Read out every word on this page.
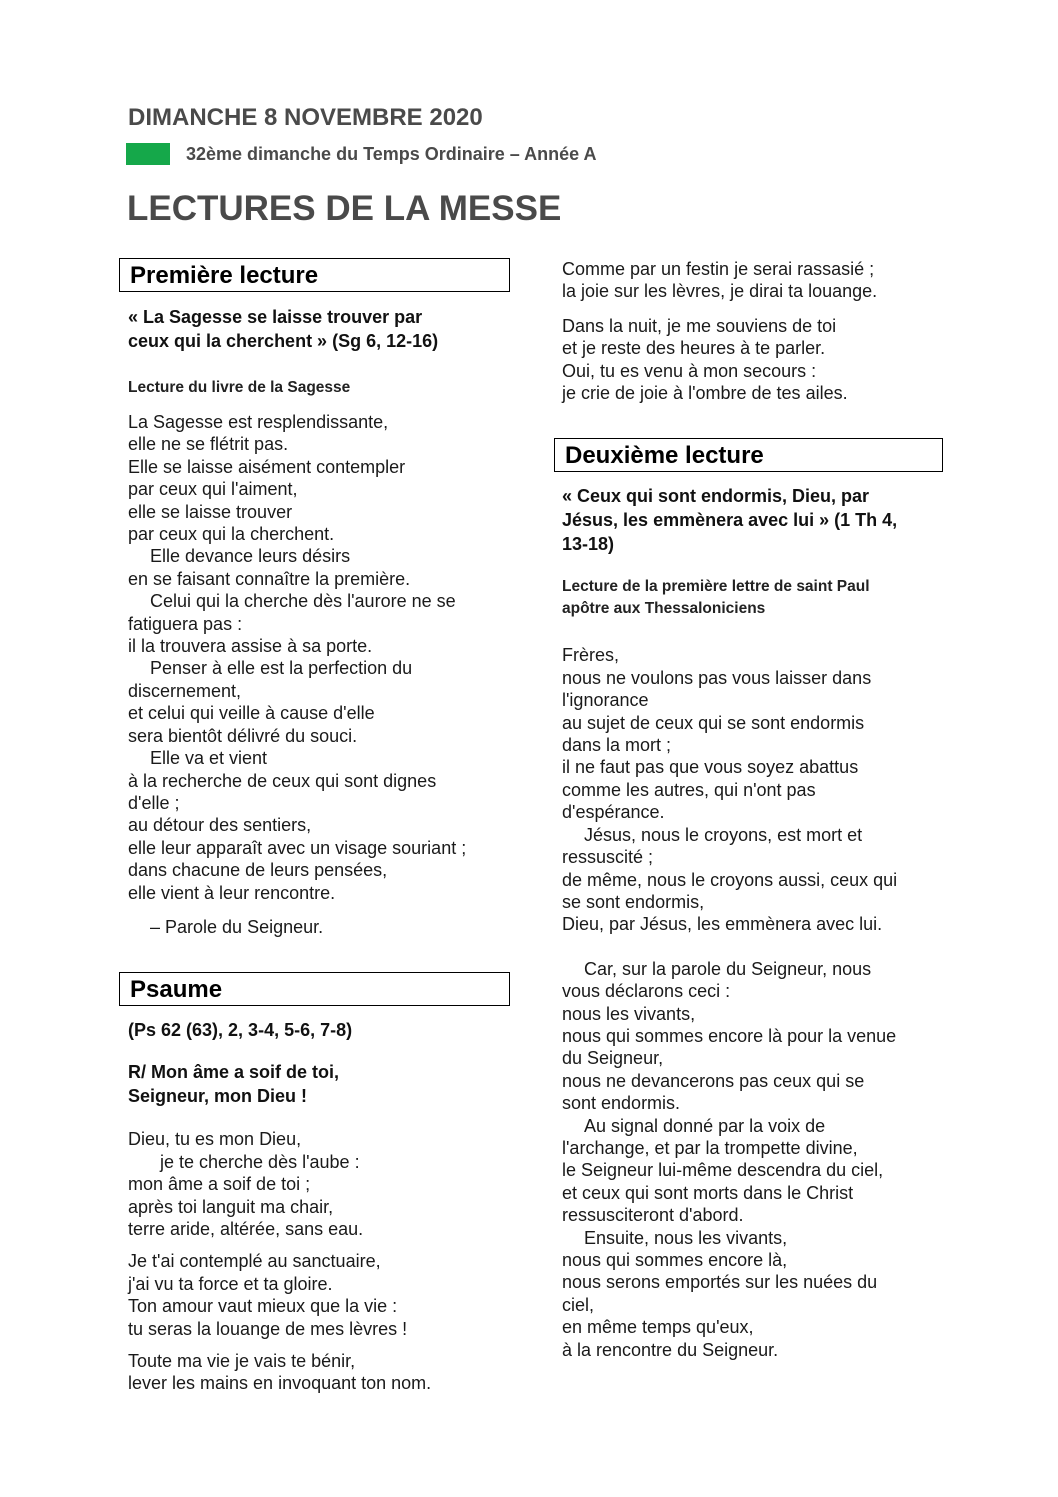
DIMANCHE 8 NOVEMBRE 2020

32ème dimanche du Temps Ordinaire – Année A

LECTURES DE LA MESSE
Première lecture
« La Sagesse se laisse trouver par
ceux qui la cherchent » (Sg 6, 12-16)
Lecture du livre de la Sagesse
La Sagesse est resplendissante,
elle ne se flétrit pas.
Elle se laisse aisément contempler
par ceux qui l'aiment,
elle se laisse trouver
par ceux qui la cherchent.
Elle devance leurs désirs
en se faisant connaître la première.
Celui qui la cherche dès l'aurore ne se
fatiguera pas :
il la trouvera assise à sa porte.
Penser à elle est la perfection du
discernement,
et celui qui veille à cause d'elle
sera bientôt délivré du souci.
Elle va et vient
à la recherche de ceux qui sont dignes
d'elle ;
au détour des sentiers,
elle leur apparaît avec un visage souriant ;
dans chacune de leurs pensées,
elle vient à leur rencontre.
– Parole du Seigneur.
Psaume
(Ps 62 (63), 2, 3-4, 5-6, 7-8)
R/ Mon âme a soif de toi,
Seigneur, mon Dieu !
Dieu, tu es mon Dieu,
je te cherche dès l'aube :
mon âme a soif de toi ;
après toi languit ma chair,
terre aride, altérée, sans eau.
Je t'ai contemplé au sanctuaire,
j'ai vu ta force et ta gloire.
Ton amour vaut mieux que la vie :
tu seras la louange de mes lèvres !
Toute ma vie je vais te bénir,
lever les mains en invoquant ton nom.
Comme par un festin je serai rassasié ;
la joie sur les lèvres, je dirai ta louange.
Dans la nuit, je me souviens de toi
et je reste des heures à te parler.
Oui, tu es venu à mon secours :
je crie de joie à l'ombre de tes ailes.
Deuxième lecture
« Ceux qui sont endormis, Dieu, par
Jésus, les emmènera avec lui » (1 Th 4,
13-18)
Lecture de la première lettre de saint Paul
apôtre aux Thessaloniciens
Frères,
nous ne voulons pas vous laisser dans
l'ignorance
au sujet de ceux qui se sont endormis
dans la mort ;
il ne faut pas que vous soyez abattus
comme les autres, qui n'ont pas
d'espérance.
Jésus, nous le croyons, est mort et
ressuscité ;
de même, nous le croyons aussi, ceux qui
se sont endormis,
Dieu, par Jésus, les emmènera avec lui.
Car, sur la parole du Seigneur, nous
vous déclarons ceci :
nous les vivants,
nous qui sommes encore là pour la venue
du Seigneur,
nous ne devancerons pas ceux qui se
sont endormis.
Au signal donné par la voix de
l'archange, et par la trompette divine,
le Seigneur lui-même descendra du ciel,
et ceux qui sont morts dans le Christ
ressusciteront d'abord.
Ensuite, nous les vivants,
nous qui sommes encore là,
nous serons emportés sur les nuées du
ciel,
en même temps qu'eux,
à la rencontre du Seigneur.
